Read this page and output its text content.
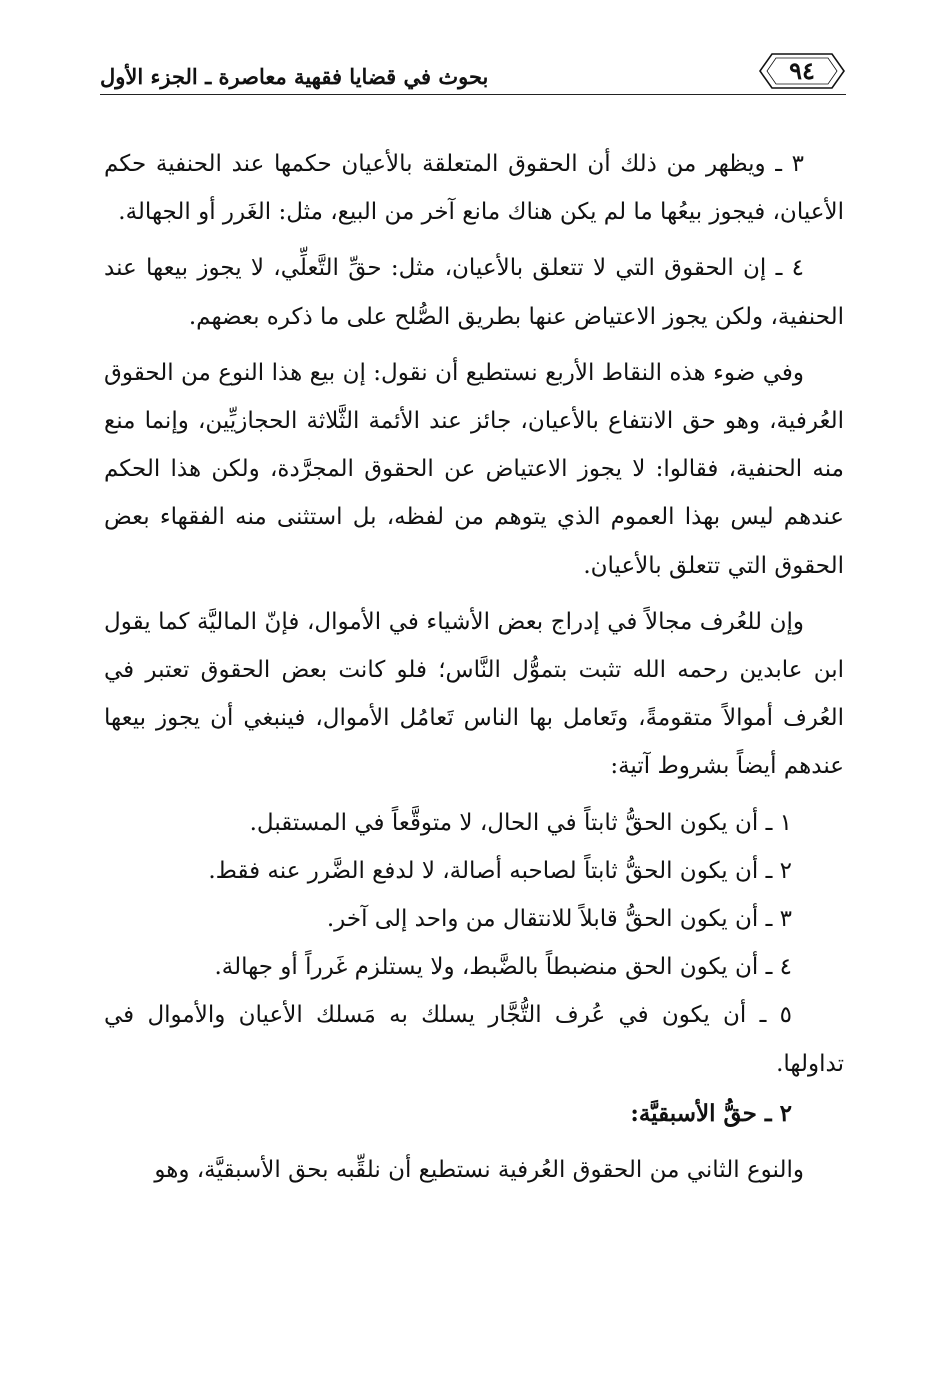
٩٤
بحوث في قضايا فقهية معاصرة ـ الجزء الأول

٣ ـ ويظهر من ذلك أن الحقوق المتعلقة بالأعيان حكمها عند الحنفية حكم الأعيان، فيجوز بيعُها ما لم يكن هناك مانع آخر من البيع، مثل: الغَرر أو الجهالة.

٤ ـ إن الحقوق التي لا تتعلق بالأعيان، مثل: حقِّ التَّعلِّي، لا يجوز بيعها عند الحنفية، ولكن يجوز الاعتياض عنها بطريق الصُّلح على ما ذكره بعضهم.

وفي ضوء هذه النقاط الأربع نستطيع أن نقول: إن بيع هذا النوع من الحقوق العُرفية، وهو حق الانتفاع بالأعيان، جائز عند الأئمة الثَّلاثة الحجازيِّين، وإنما منع منه الحنفية، فقالوا: لا يجوز الاعتياض عن الحقوق المجرَّدة، ولكن هذا الحكم عندهم ليس بهذا العموم الذي يتوهم من لفظه، بل استثنى منه الفقهاء بعض الحقوق التي تتعلق بالأعيان.

وإن للعُرف مجالاً في إدراج بعض الأشياء في الأموال، فإنّ الماليَّة كما يقول ابن عابدين رحمه الله تثبت بتموُّل النَّاس؛ فلو كانت بعض الحقوق تعتبر في العُرف أموالاً متقومةً، وتَعامل بها الناس تَعامُل الأموال، فينبغي أن يجوز بيعها عندهم أيضاً بشروط آتية:

١ ـ أن يكون الحقُّ ثابتاً في الحال، لا متوقَّعاً في المستقبل.

٢ ـ أن يكون الحقُّ ثابتاً لصاحبه أصالة، لا لدفع الضَّرر عنه فقط.

٣ ـ أن يكون الحقُّ قابلاً للانتقال من واحد إلى آخر.

٤ ـ أن يكون الحق منضبطاً بالضَّبط، ولا يستلزم غَرراً أو جهالة.

٥ ـ أن يكون في عُرف التُّجَّار يسلك به مَسلك الأعيان والأموال في تداولها.

٢ ـ حقُّ الأسبقيَّة:

والنوع الثاني من الحقوق العُرفية نستطيع أن نلقِّبه بحق الأسبقيَّة، وهو
